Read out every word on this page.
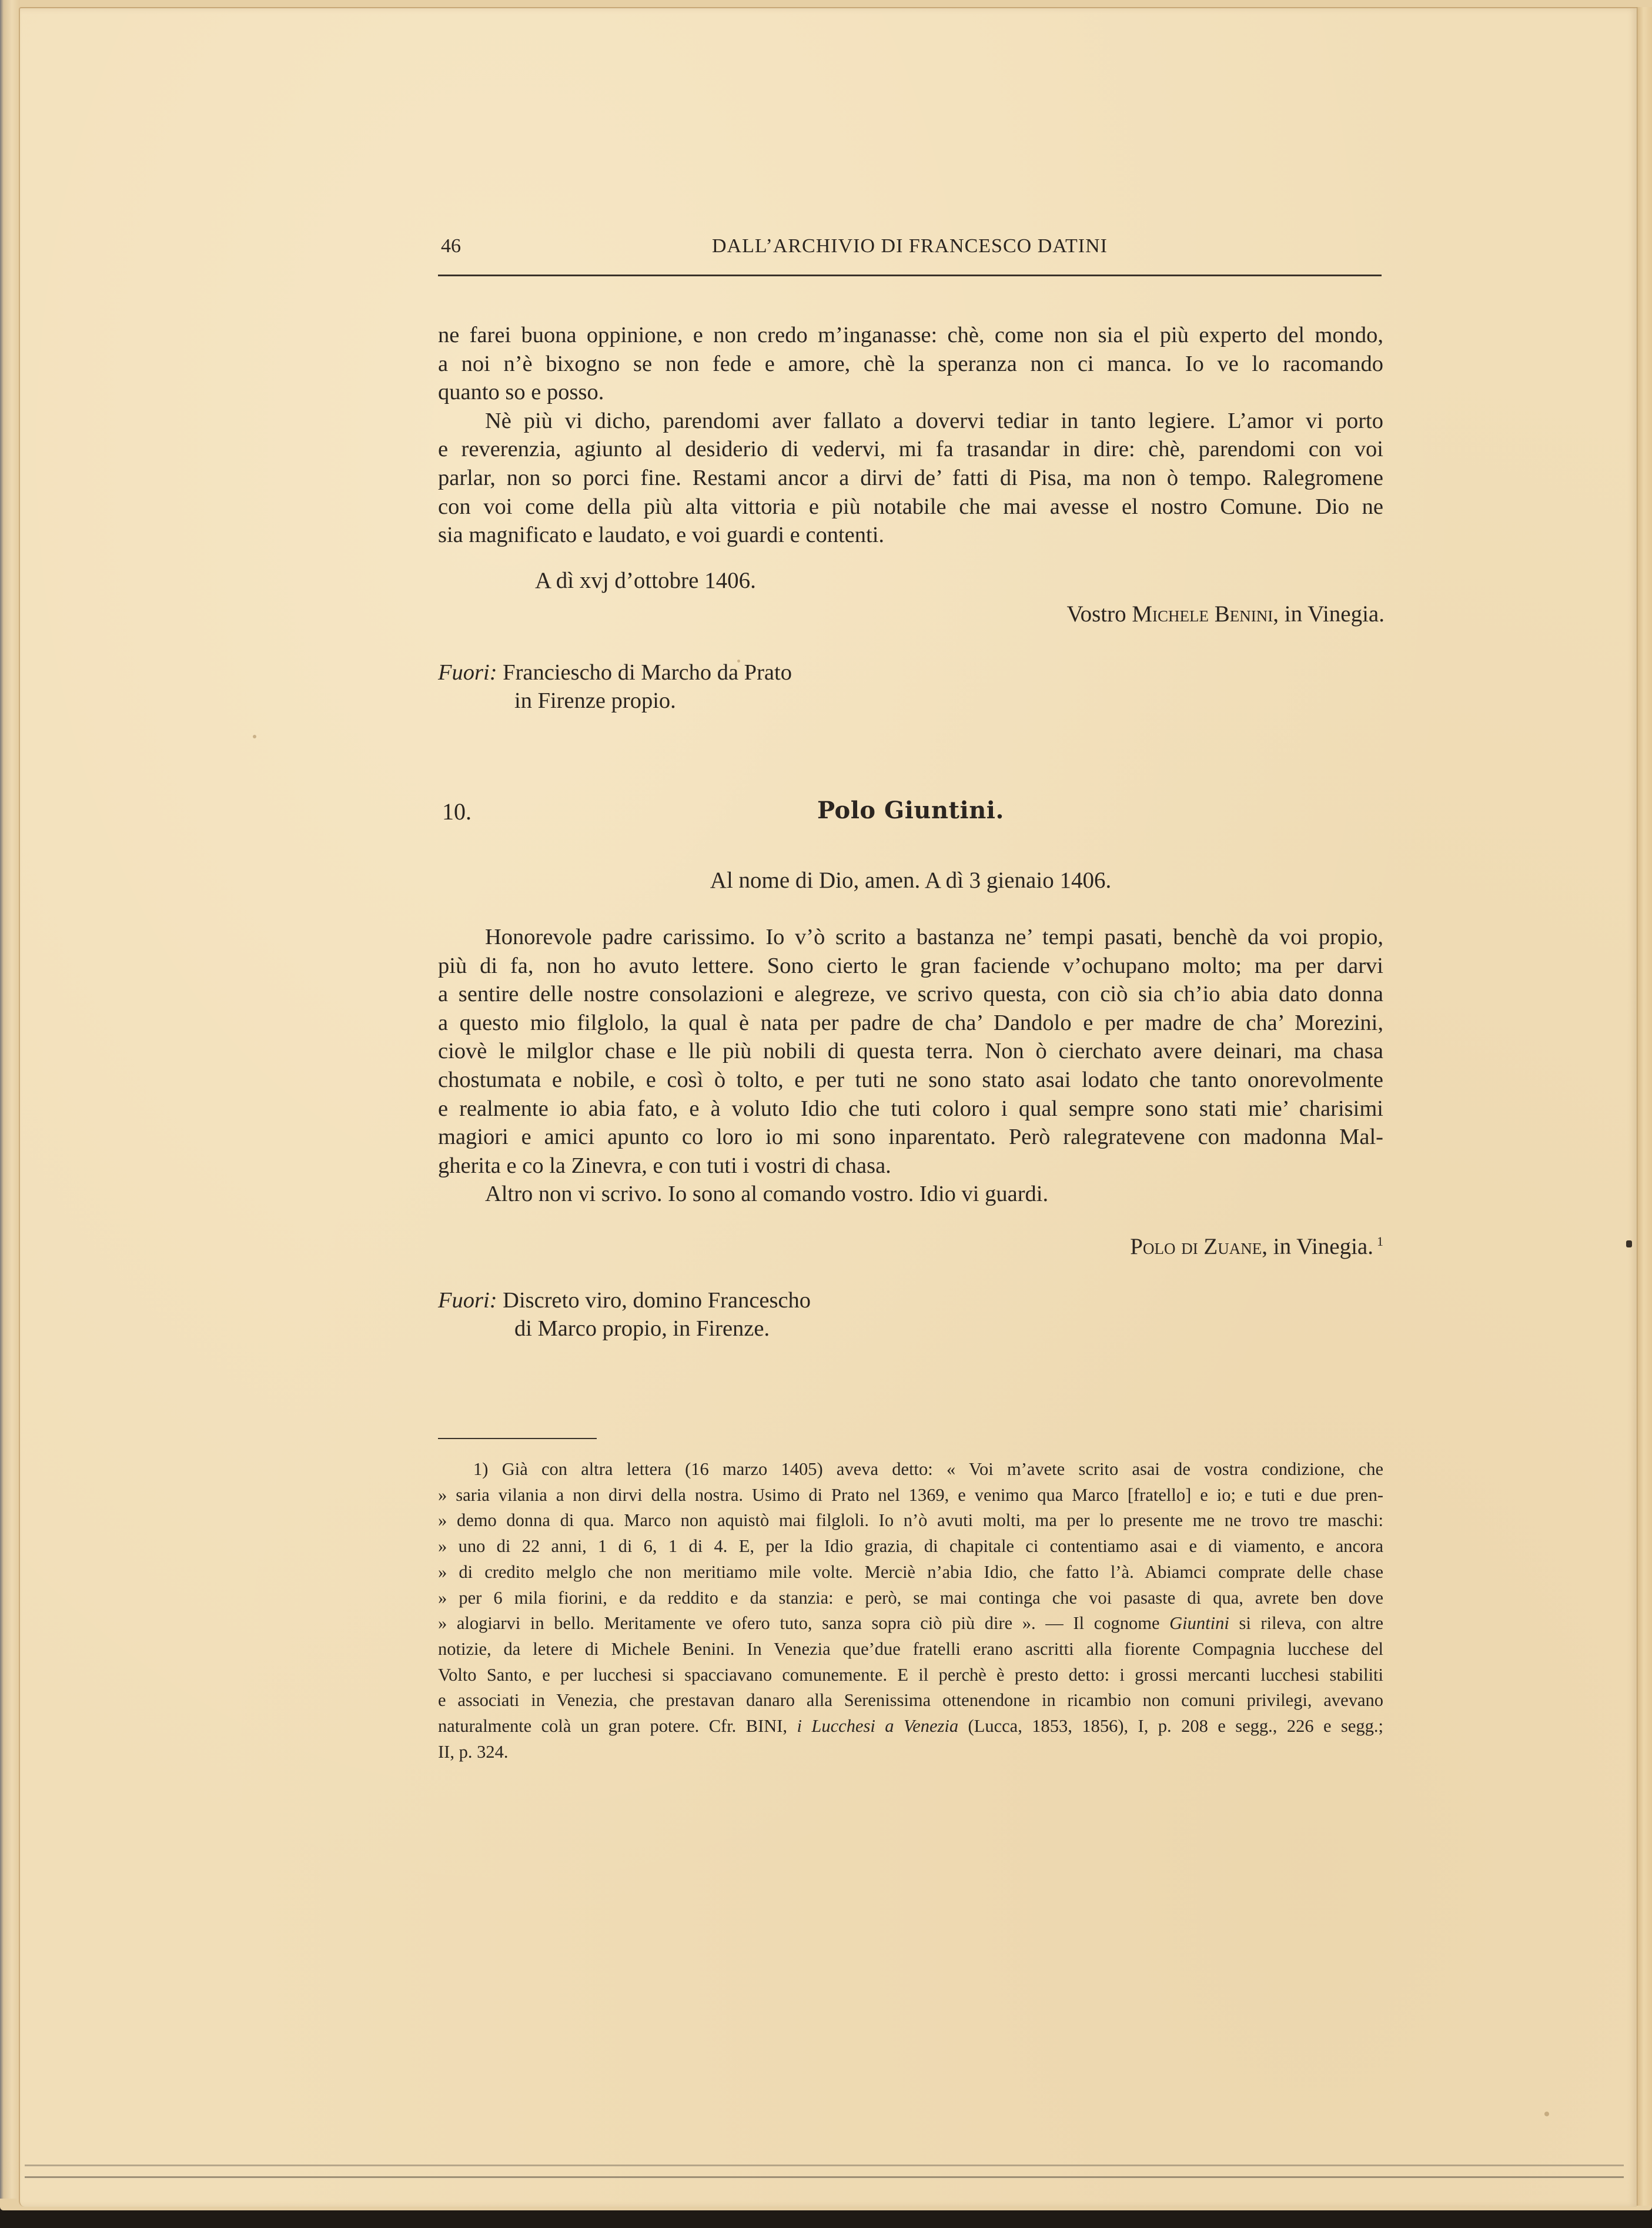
46	DALL’ARCHIVIO DI FRANCESCO DATINI

ne farei buona oppinione, e non credo m’inganasse: chè, come non sia el più experto del mondo,
a noi n’è bixogno se non fede e amore, chè la speranza non ci manca. Io ve lo racomando
quanto so e posso.

Nè più vi dicho, parendomi aver fallato a dovervi tediar in tanto legiere. L’amor vi porto
e reverenzia, agiunto al desiderio di vedervi, mi fa trasandar in dire: chè, parendomi con voi
parlar, non so porci fine. Restami ancor a dirvi de’ fatti di Pisa, ma non ò tempo. Ralegromene
con voi come della più alta vittoria e più notabile che mai avesse el nostro Comune. Dio ne
sia magnificato e laudato, e voi guardi e contenti.

A dì xvj d’ottobre 1406.
Vostro Michele Benini, in Vinegia.
Fuori: Franciescho di Marcho da Prato
in Firenze propio.
10.	Polo Giuntini.
Al nome di Dio, amen. A dì 3 gienaio 1406.

Honorevole padre carissimo. Io v’ò scrito a bastanza ne’ tempi pasati, benchè da voi propio,
più di fa, non ho avuto lettere. Sono cierto le gran faciende v’ochupano molto; ma per darvi
a sentire delle nostre consolazioni e alegreze, ve scrivo questa, con ciò sia ch’io abia dato donna
a questo mio filglolo, la qual è nata per padre de cha’ Dandolo e per madre de cha’ Morezini,
ciovè le milglor chase e lle più nobili di questa terra. Non ò cierchato avere deinari, ma chasa
chostumata e nobile, e così ò tolto, e per tuti ne sono stato asai lodato che tanto onorevolmente
e realmente io abia fato, e à voluto Idio che tuti coloro i qual sempre sono stati mie’ charisimi
magiori e amici apunto co loro io mi sono inparentato. Però ralegratevene con madonna Mal-
gherita e co la Zinevra, e con tuti i vostri di chasa.

Altro non vi scrivo. Io sono al comando vostro. Idio vi guardi.

Polo di Zuane, in Vinegia. $^1$
Fuori: Discreto viro, domino Franceschо
di Marco propio, in Firenze.
1) Già con altra lettera (16 marzo 1405) aveva detto: « Voi m’avete scrito asai de vostra condizione, che
» saria vilania a non dirvi della nostra. Usimo di Prato nel 1369, e venimo qua Marco [fratello] e io; e tuti e due pren-
» demo donna di qua. Marco non aquistò mai filgloli. Io n’ò avuti molti, ma per lo presente me ne trovo tre maschi:
» uno di 22 anni, 1 di 6, 1 di 4. E, per la Idio grazia, di chapitale ci contentiamo asai e di viamento, e ancora
» di credito melglo che non meritiamo mile volte. Merciè n’abia Idio, che fatto l’à. Abiamci comprate delle chase
» per 6 mila fiorini, e da reddito e da stanzia: e però, se mai continga che voi pasaste di qua, avrete ben dove
» alogiarvi in bello. Meritamente ve ofero tuto, sanza sopra ciò più dire ». — Il cognome Giuntini si rileva, con altre
notizie, da letere di Michele Benini. In Venezia que’due fratelli erano ascritti alla fiorente Compagnia lucchese del
Volto Santo, e per lucchesi si spacciavano comunemente. E il perchè è presto detto: i grossi mercanti lucchesi stabiliti
e associati in Venezia, che prestavan danaro alla Serenissima ottenendone in ricambio non comuni privilegi, avevano
naturalmente colà un gran potere. Cfr. BINI, i Lucchesi a Venezia (Lucca, 1853, 1856), I, p. 208 e segg., 226 e segg.;
II, p. 324.
